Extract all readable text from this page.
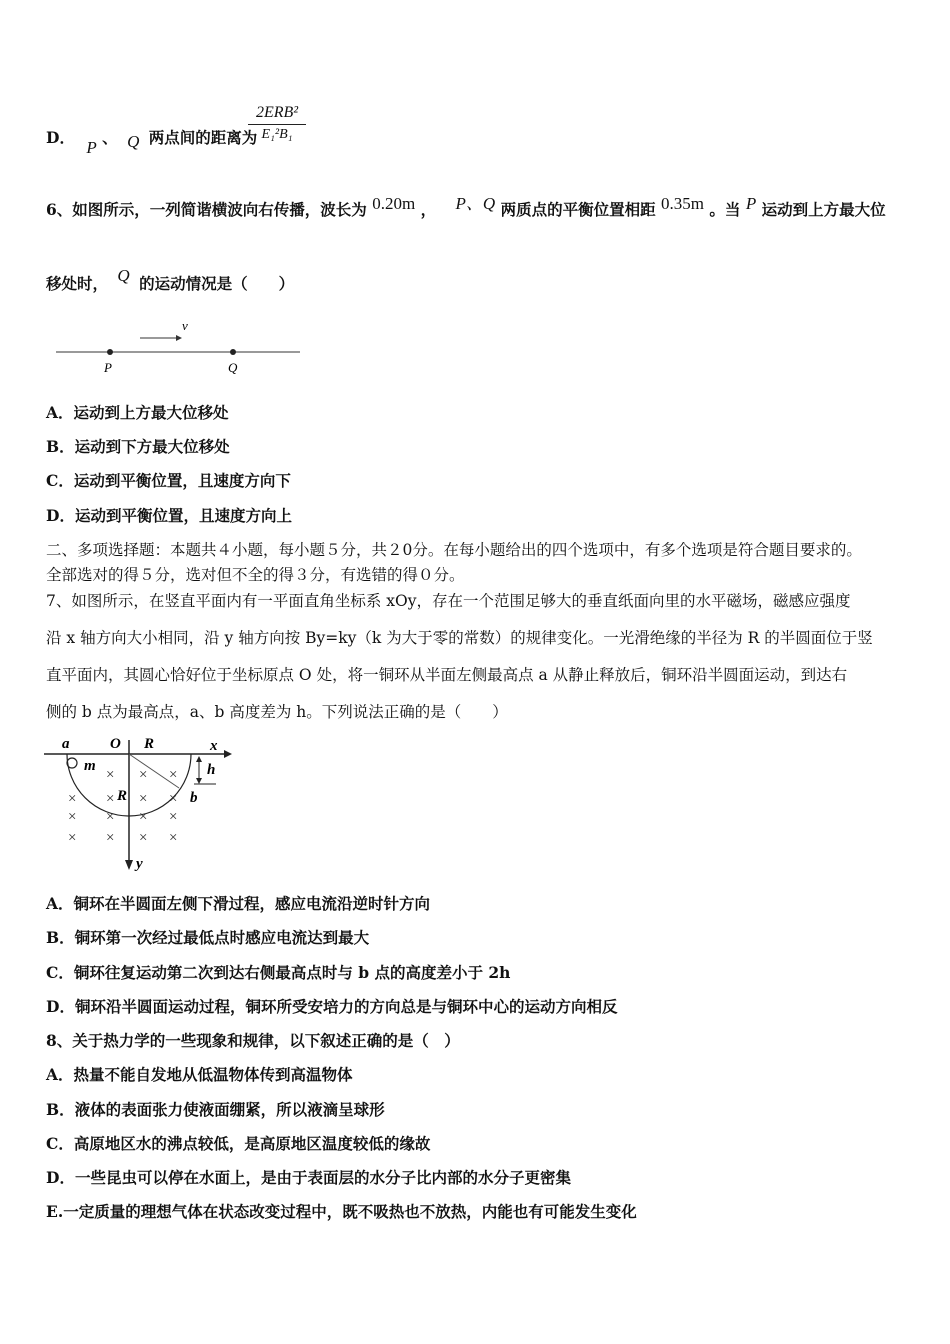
D． P 、 Q 两点间的距离为
2ERB²
E₁²B₁
6、如图所示，一列简谐横波向右传播，波长为 0.20m ， P、Q 两质点的平衡位置相距 0.35m 。当 P 运动到上方最大位
移处时， Q 的运动情况是（　　）
v
P	Q
A．运动到上方最大位移处
B．运动到下方最大位移处
C．运动到平衡位置，且速度方向下
D．运动到平衡位置，且速度方向上
二、多项选择题：本题共４小题，每小题５分，共２0分。在每小题给出的四个选项中，有多个选项是符合题目要求的。
全部选对的得５分，选对但不全的得３分，有选错的得０分。
7、如图所示，在竖直平面内有一平面直角坐标系 xOy，存在一个范围足够大的垂直纸面向里的水平磁场，磁感应强度
沿 x 轴方向大小相同，沿 y 轴方向按 By=ky（k 为大于零的常数）的规律变化。一光滑绝缘的半径为 R 的半圆面位于竖
直平面内，其圆心恰好位于坐标原点 O 处，将一铜环从半面左侧最高点 a 从静止释放后，铜环沿半圆面运动，到达右
侧的 b 点为最高点，a、b 高度差为 h。下列说法正确的是（　　）
× × ×
× × × ×
× × × ×
× × × ×
a	O R	x
m	h
R	b
y
A．铜环在半圆面左侧下滑过程，感应电流沿逆时针方向
B．铜环第一次经过最低点时感应电流达到最大
C．铜环往复运动第二次到达右侧最高点时与 b 点的高度差小于 2h
D．铜环沿半圆面运动过程，铜环所受安培力的方向总是与铜环中心的运动方向相反
8、关于热力学的一些现象和规律，以下叙述正确的是（　）
A．热量不能自发地从低温物体传到高温物体
B．液体的表面张力使液面绷紧，所以液滴呈球形
C．高原地区水的沸点较低，是高原地区温度较低的缘故
D．一些昆虫可以停在水面上，是由于表面层的水分子比内部的水分子更密集
E.一定质量的理想气体在状态改变过程中，既不吸热也不放热，内能也有可能发生变化
